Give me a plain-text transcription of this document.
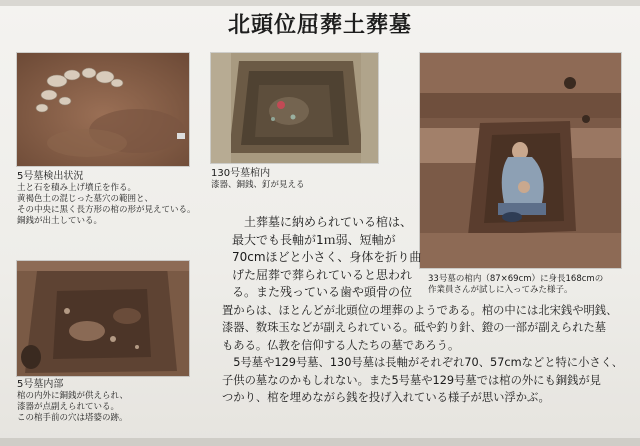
北頭位屈葬土葬墓
5号墓検出状況
土と石を積み上げ墳丘を作る。
黄褐色土の混じった墓穴の範囲と、
その中央に黒く長方形の棺の形が見えている。
銅銭が出土している。
130号墓棺内
漆器、銅銭、釘が見える
33号墓の棺内（87×69cm）に身長168cmの
作業員さんが試しに入ってみた様子。
5号墓内部
棺の内外に銅銭が供えられ、
漆器が点副えられている。
この棺手前の穴は塔婆の跡。
　土葬墓に納められている棺は、
最大でも長軸が1ｍ弱、短軸が
70cmほどと小さく、身体を折り曲
げた屈葬で葬られていると思われ
る。また残っている歯や頭骨の位
置からは、ほとんどが北頭位の埋葬のようである。棺の中には北宋銭や明銭、
漆器、数珠玉などが副えられている。砥や釣り針、鐙の一部が副えられた墓
もある。仏教を信仰する人たちの墓であろう。
　5号墓や129号墓、130号墓は長軸がそれぞれ70、57cmなどと特に小さく、
子供の墓なのかもしれない。また5号墓や129号墓では棺の外にも銅銭が見
つかり、棺を埋めながら銭を投げ入れている様子が思い浮かぶ。
